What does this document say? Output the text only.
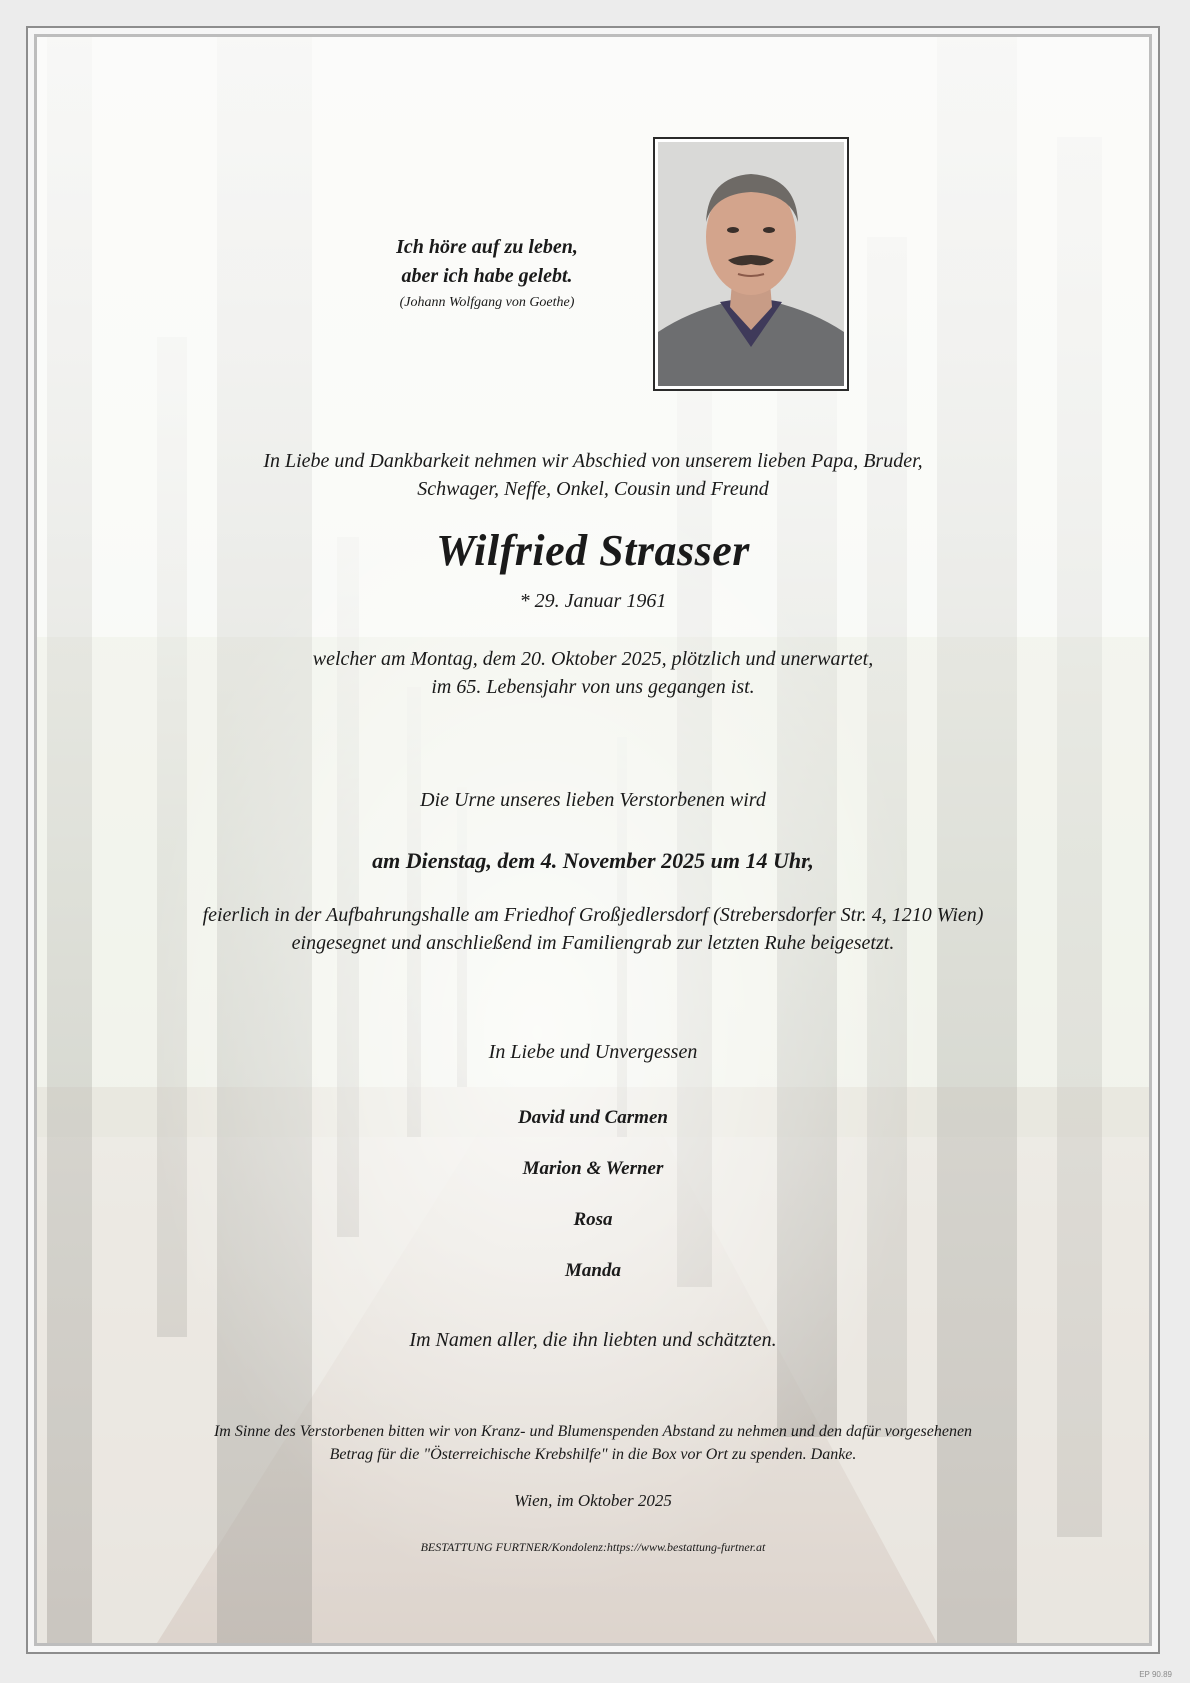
Ich höre auf zu leben,
aber ich habe gelebt.
(Johann Wolfgang von Goethe)
In Liebe und Dankbarkeit nehmen wir Abschied von unserem lieben Papa, Bruder,
Schwager, Neffe, Onkel, Cousin und Freund
Wilfried Strasser
* 29. Januar 1961
welcher am Montag, dem 20. Oktober 2025, plötzlich und unerwartet,
im 65. Lebensjahr von uns gegangen ist.
Die Urne unseres lieben Verstorbenen wird
am Dienstag, dem 4. November 2025 um 14 Uhr,
feierlich in der Aufbahrungshalle am Friedhof Großjedlersdorf (Strebersdorfer Str. 4, 1210 Wien)
eingesegnet und anschließend im Familiengrab zur letzten Ruhe beigesetzt.
In Liebe und Unvergessen
David und Carmen
Marion & Werner
Rosa
Manda
Im Namen aller, die ihn liebten und schätzten.
Im Sinne des Verstorbenen bitten wir von Kranz- und Blumenspenden Abstand zu nehmen und den dafür vorgesehenen
Betrag für die "Österreichische Krebshilfe" in die Box vor Ort zu spenden. Danke.
Wien, im Oktober 2025
BESTATTUNG FURTNER/Kondolenz:https://www.bestattung-furtner.at
EP 90.89
